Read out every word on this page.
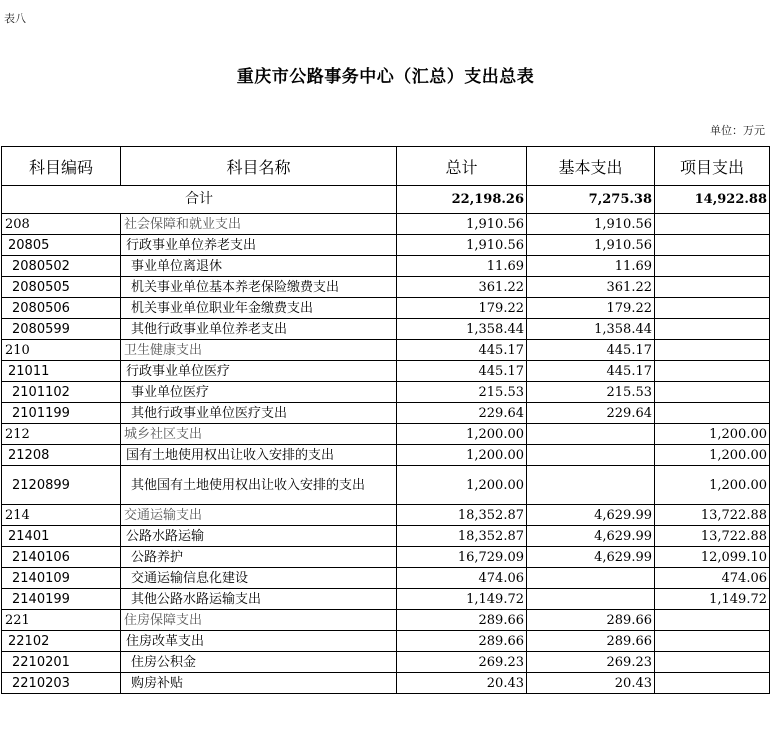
表八
重庆市公路事务中心（汇总）支出总表
单位：万元
科目编码	科目名称	总计	基本支出	项目支出
合计		22,198.26	7,275.38	14,922.88
208	社会保障和就业支出	1,910.56	1,910.56	
20805	行政事业单位养老支出	1,910.56	1,910.56	
2080502	事业单位离退休	11.69	11.69	
2080505	机关事业单位基本养老保险缴费支出	361.22	361.22	
2080506	机关事业单位职业年金缴费支出	179.22	179.22	
2080599	其他行政事业单位养老支出	1,358.44	1,358.44	
210	卫生健康支出	445.17	445.17	
21011	行政事业单位医疗	445.17	445.17	
2101102	事业单位医疗	215.53	215.53	
2101199	其他行政事业单位医疗支出	229.64	229.64	
212	城乡社区支出	1,200.00		1,200.00
21208	国有土地使用权出让收入安排的支出	1,200.00		1,200.00
2120899	其他国有土地使用权出让收入安排的支出	1,200.00		1,200.00
214	交通运输支出	18,352.87	4,629.99	13,722.88
21401	公路水路运输	18,352.87	4,629.99	13,722.88
2140106	公路养护	16,729.09	4,629.99	12,099.10
2140109	交通运输信息化建设	474.06		474.06
2140199	其他公路水路运输支出	1,149.72		1,149.72
221	住房保障支出	289.66	289.66	
22102	住房改革支出	289.66	289.66	
2210201	住房公积金	269.23	269.23	
2210203	购房补贴	20.43	20.43	
